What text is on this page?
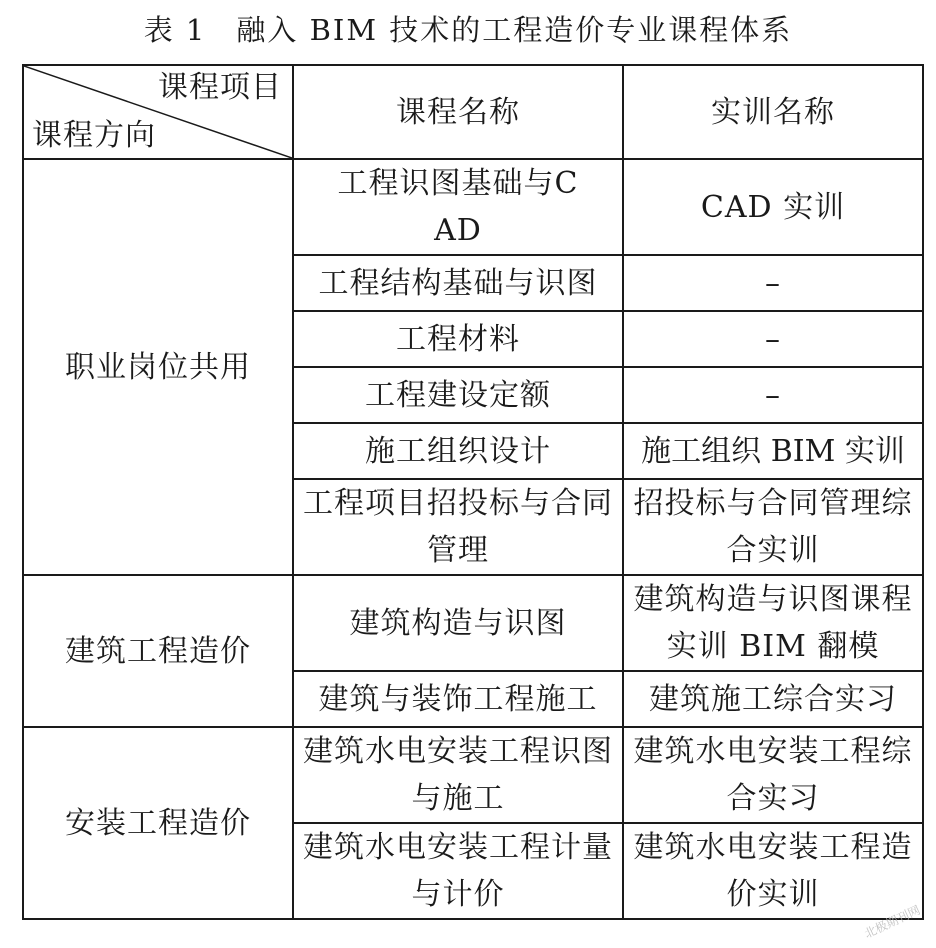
表 1 融入 BIM 技术的工程造价专业课程体系
课程项目
课程方向	课程名称	实训名称
职业岗位共用	工程识图基础与CAD	CAD 实训
	工程结构基础与识图	–
	工程材料	–
	工程建设定额	–
	施工组织设计	施工组织 BIM 实训
	工程项目招投标与合同管理	招投标与合同管理综合实训
建筑工程造价	建筑构造与识图	建筑构造与识图课程实训 BIM 翻模
	建筑与装饰工程施工	建筑施工综合实习
安装工程造价	建筑水电安装工程识图与施工	建筑水电安装工程综合实习
	建筑水电安装工程计量与计价	建筑水电安装工程造价实训
北极期刊网
